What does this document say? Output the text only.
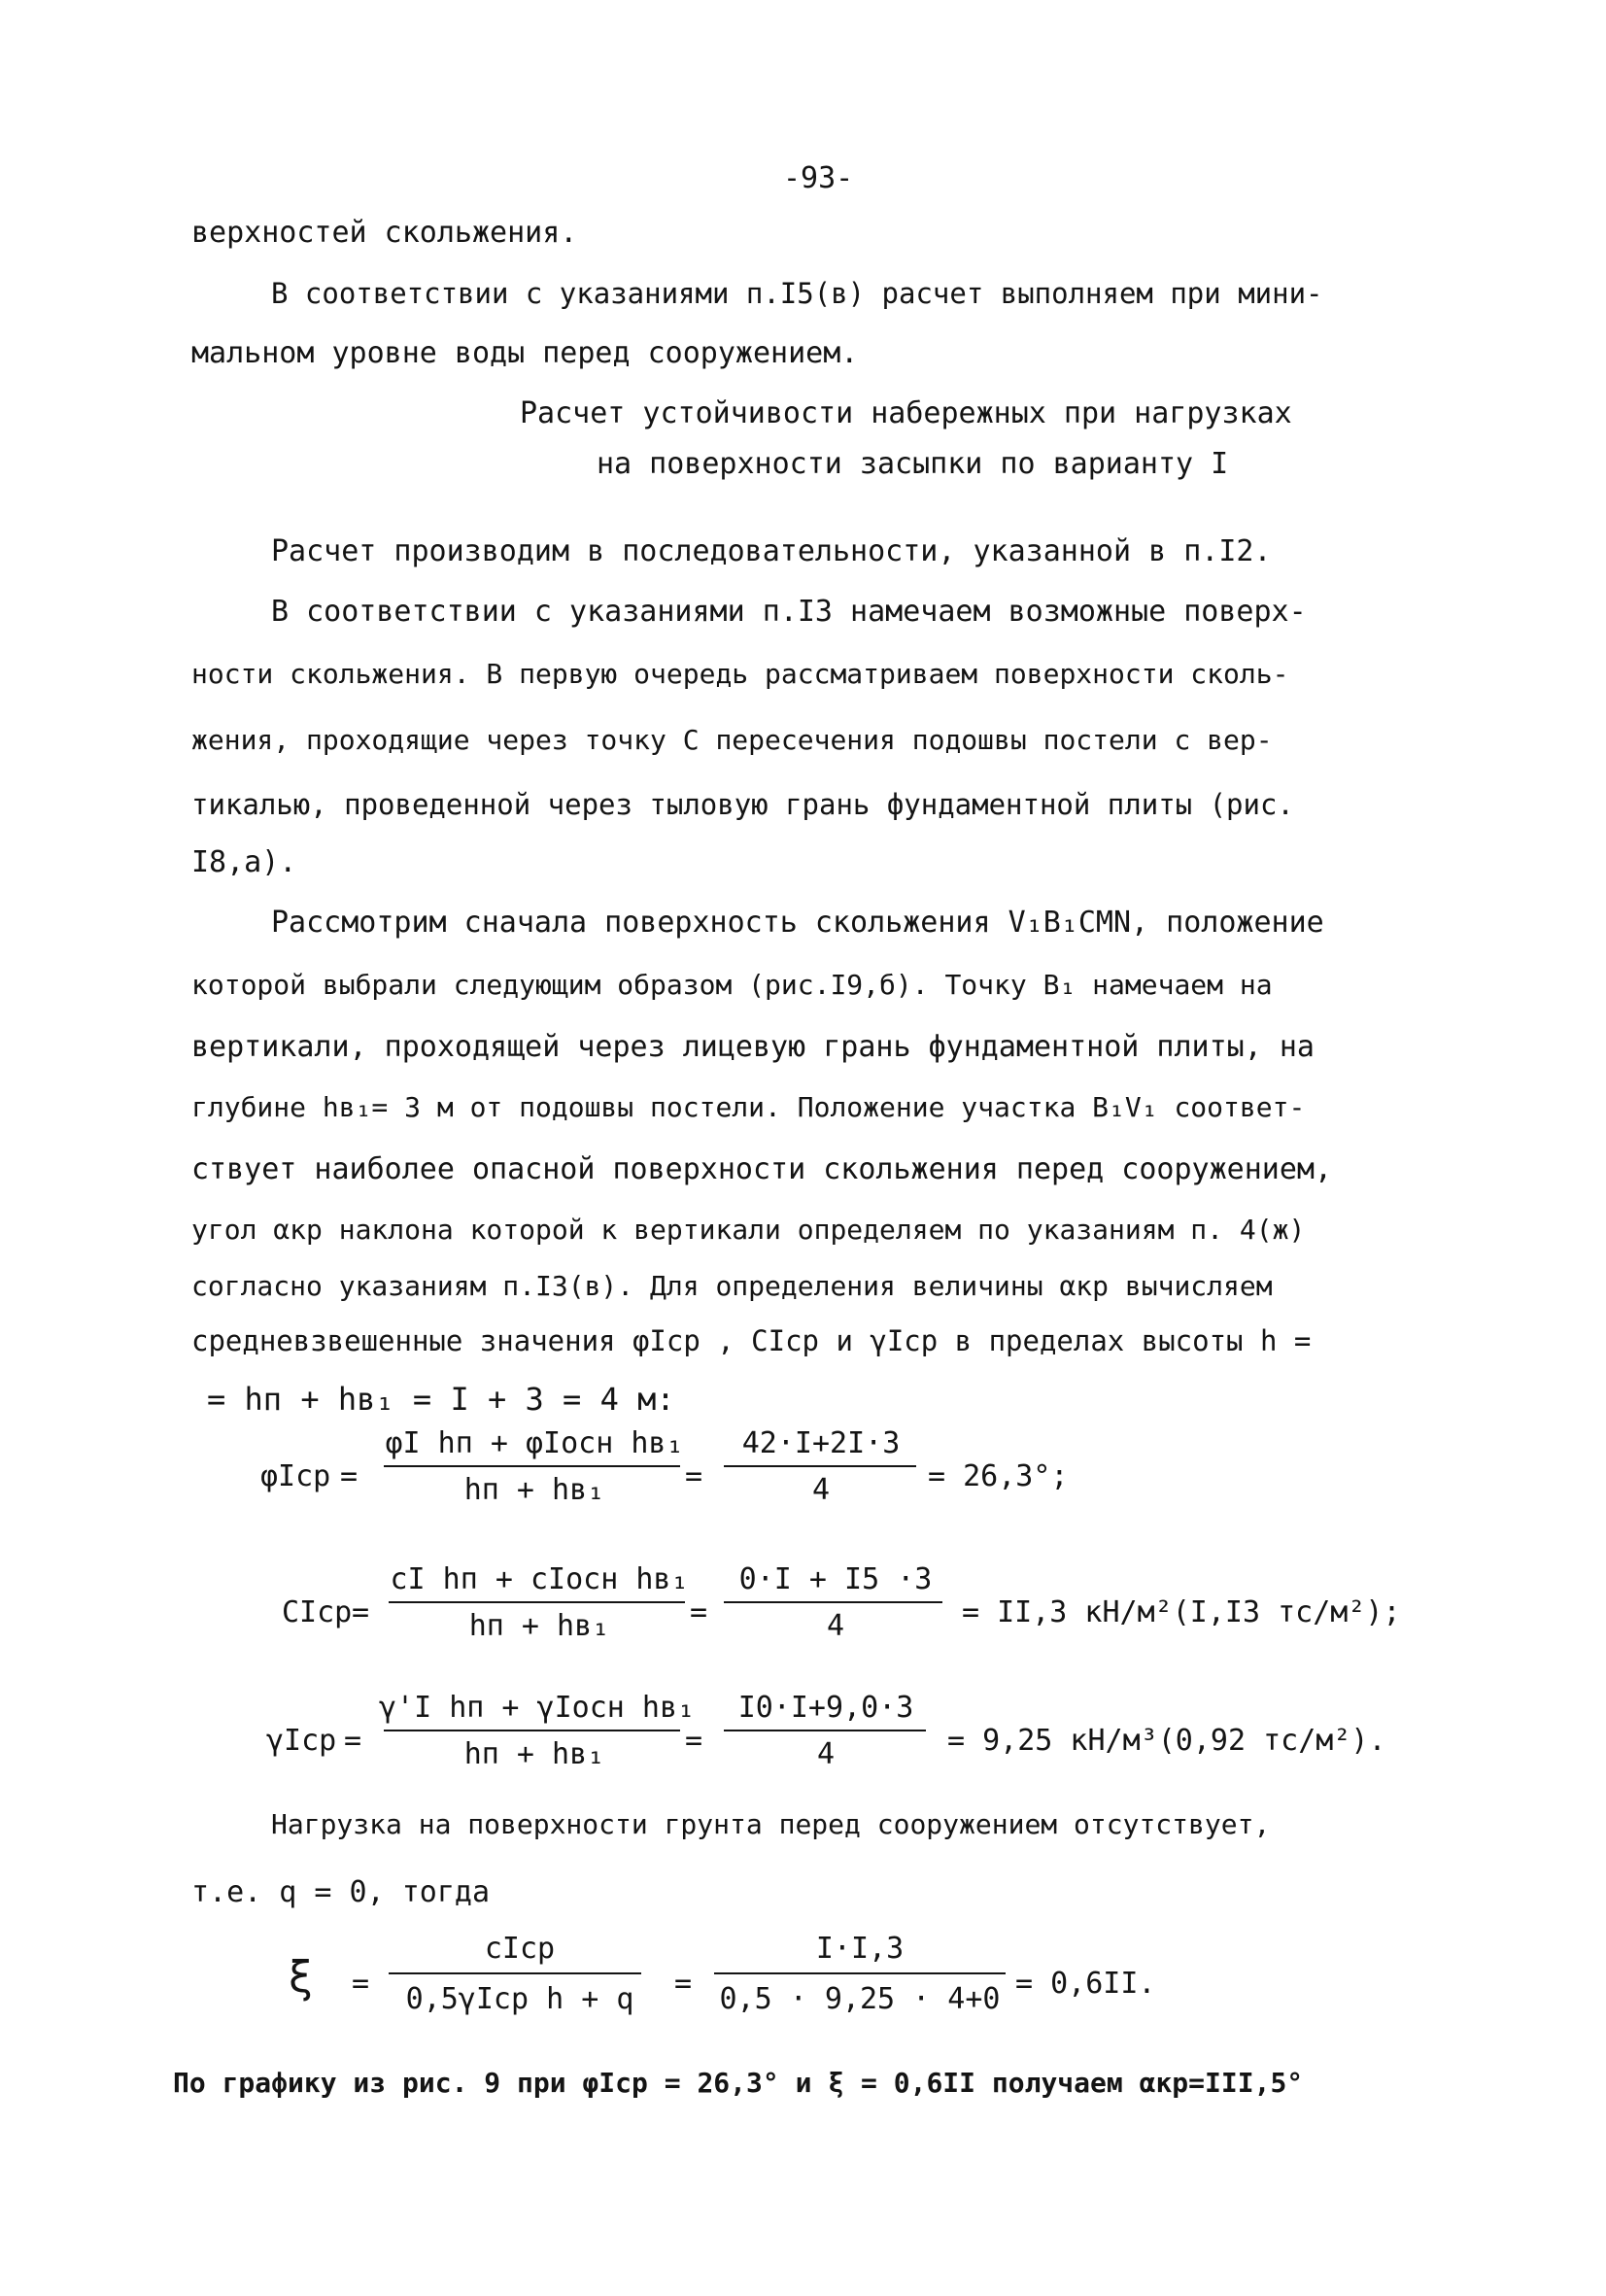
-93-
верхностей скольжения.
В соответствии с указаниями п.I5(в) расчет выполняем при мини-
мальном уровне воды перед сооружением.
Расчет устойчивости набережных при нагрузках
на поверхности засыпки по варианту I
Расчет производим в последовательности, указанной в п.I2.
В соответствии с указаниями п.I3 намечаем возможные поверх-
ности скольжения. В первую очередь рассматриваем поверхности сколь-
жения, проходящие через точку С пересечения подошвы постели с вер-
тикалью, проведенной через тыловую грань фундаментной плиты (рис.
I8,а).
Рассмотрим сначала поверхность скольжения V₁B₁CMN, положение
которой выбрали следующим образом (рис.I9,б). Точку B₁ намечаем на
вертикали, проходящей через лицевую грань фундаментной плиты, на
глубине hв₁= 3 м от подошвы постели. Положение участка B₁V₁ соответ-
ствует наиболее опасной поверхности скольжения перед сооружением,
угол αкр наклона которой к вертикали определяем по указаниям п. 4(ж)
согласно указаниям п.I3(в). Для определения величины αкр вычисляем
средневзвешенные значения φIср , CIср и γIср в пределах высоты h =
= hп + hв₁ = I + 3 = 4 м:
φIср =
φI hп + φIосн hв₁
hп + hв₁	=
42·I+2I·3
4	= 26,3°;
CIср =
cI hп + cIосн hв₁
hп + hв₁	=
0·I + I5 ·3
4	= II,3 кН/м²(I,I3 тс/м²);
γIср =
γ'I hп + γIосн hв₁
hп + hв₁	=
I0·I+9,0·3
4	= 9,25 кН/м³(0,92 тс/м²).
Нагрузка на поверхности грунта перед сооружением отсутствует,
т.е. q = 0, тогда
ξ =
cIср
0,5γIср h + q	=
I·I,3
0,5 · 9,25 · 4+0 = 0,6II.
По графику из рис. 9 при φIср = 26,3° и ξ = 0,6II получаем αкр=III,5°
